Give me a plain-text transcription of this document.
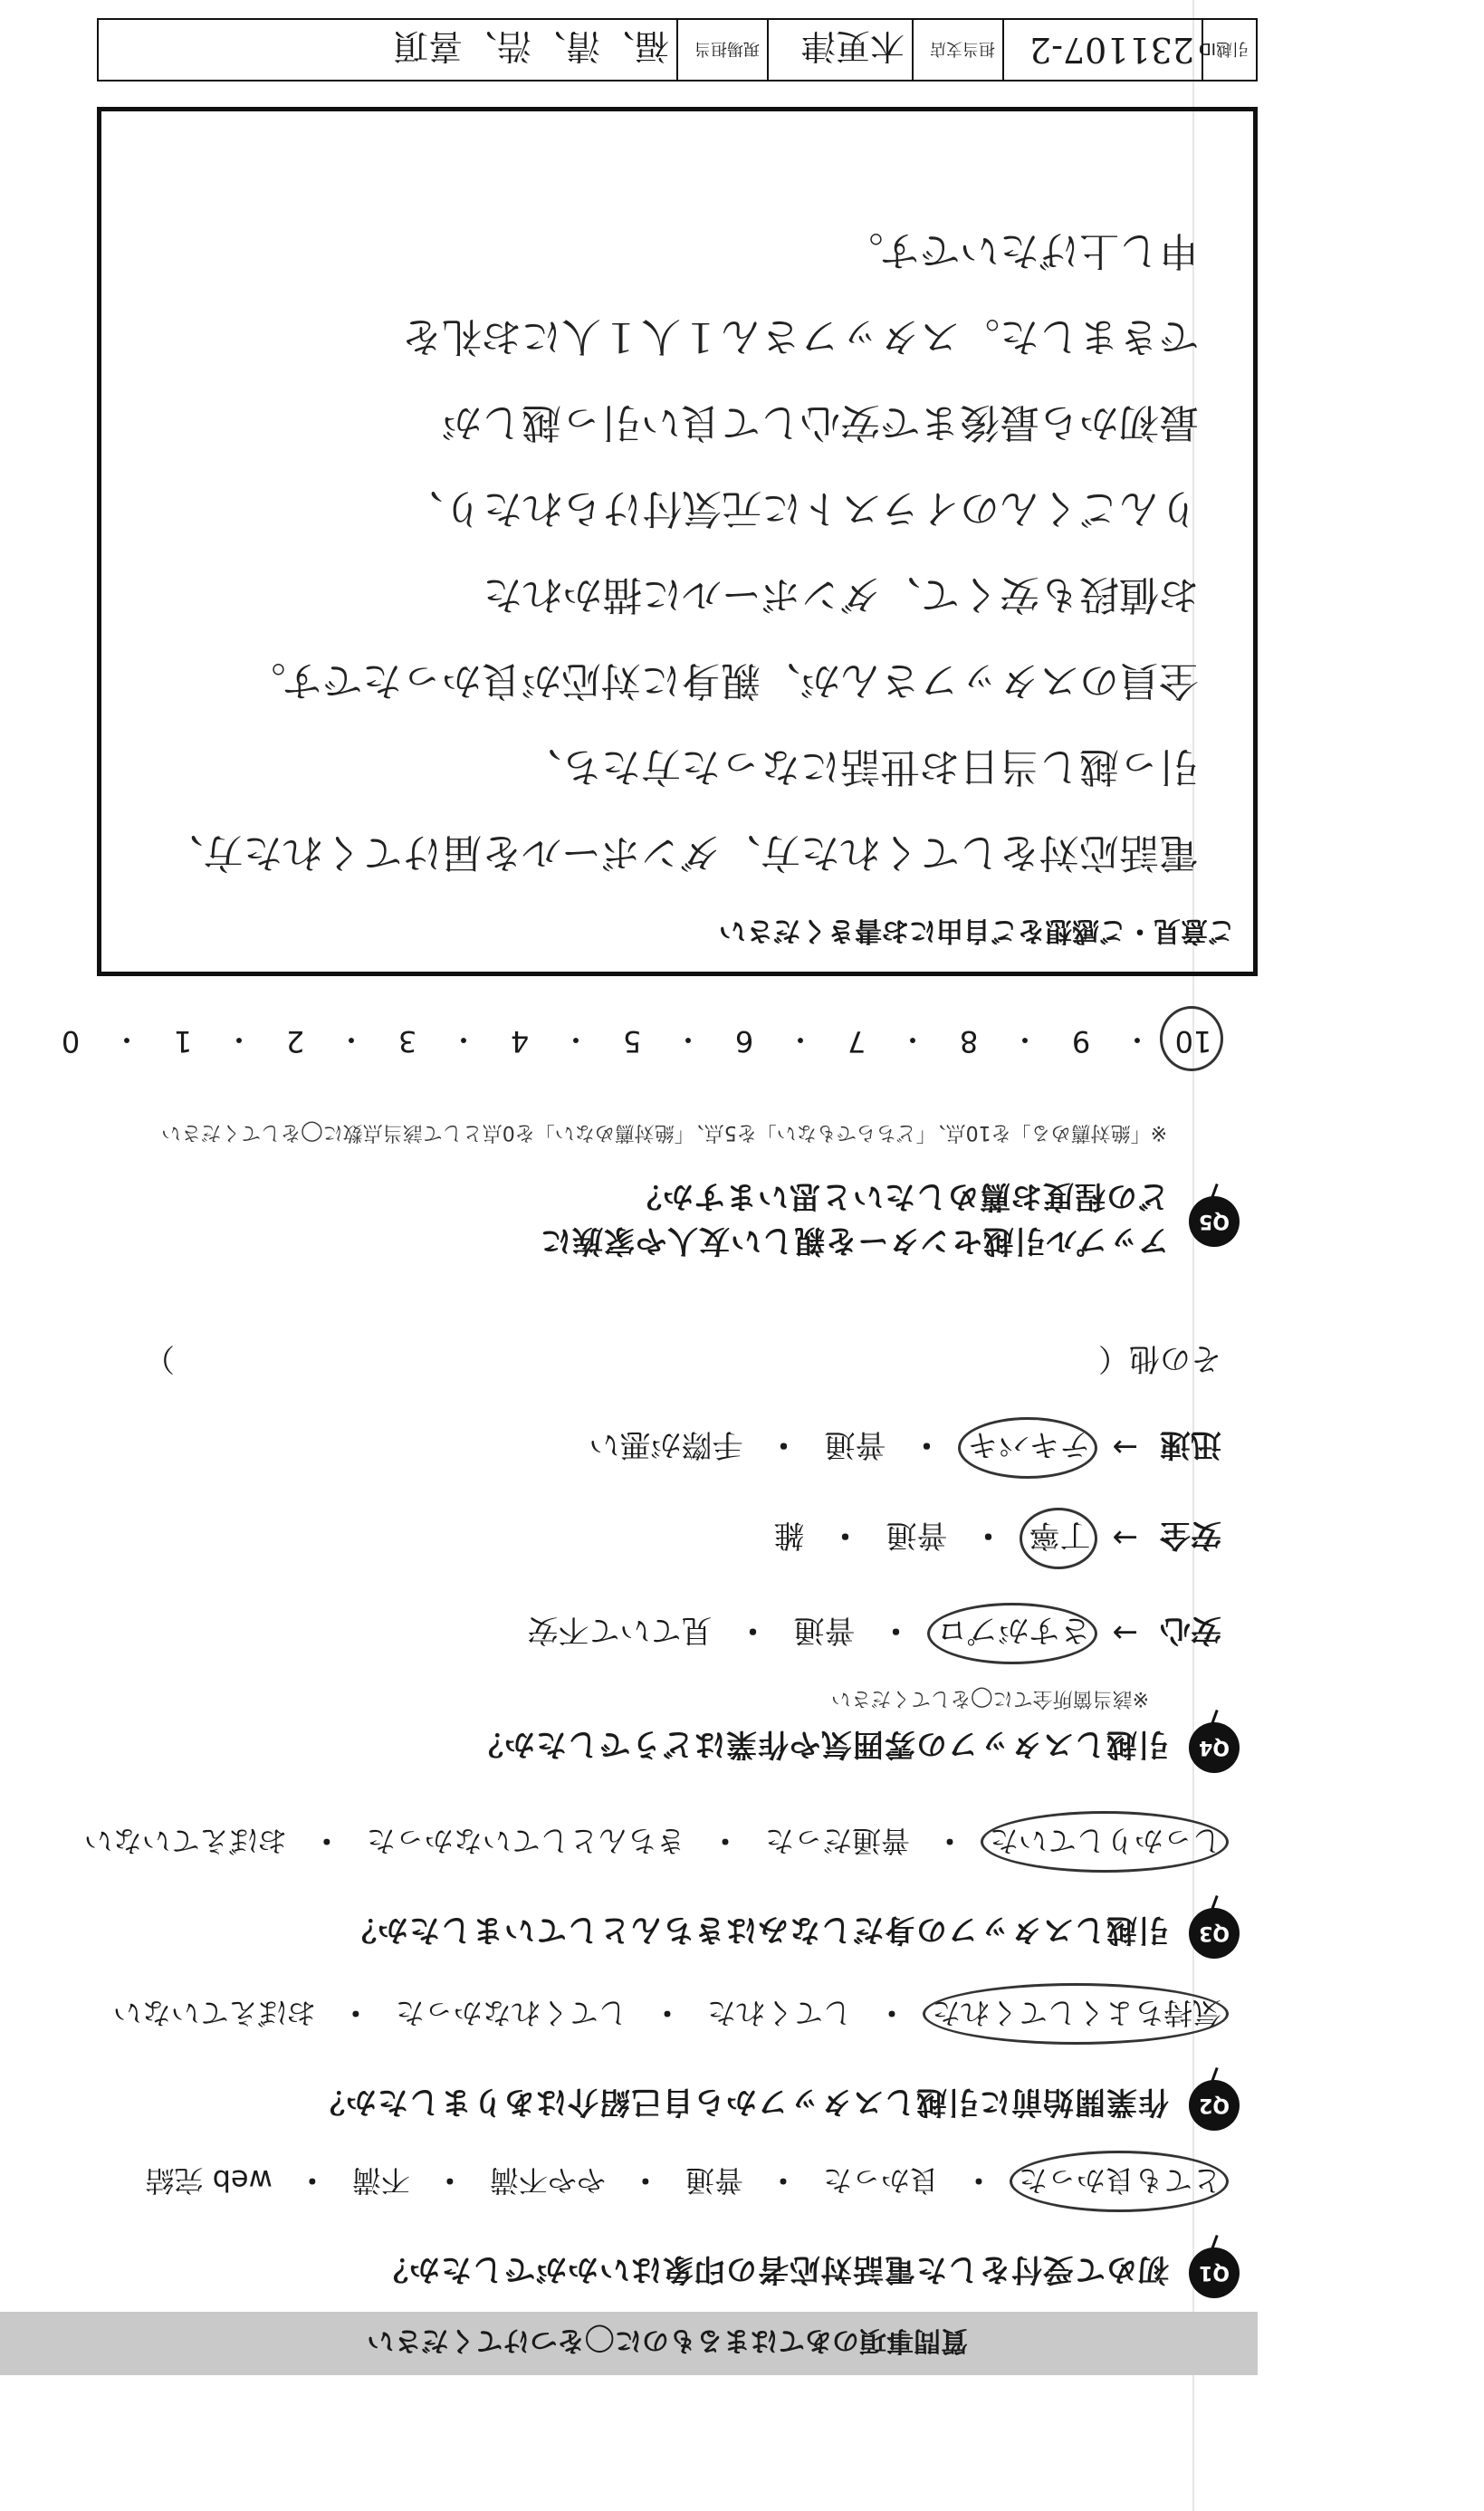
質問事項のあてはまるものに◯をつけてください
Q1
初めて受付をした電話対応者の印象はいかがでしたか？
とても良かった
・
良かった
・
普通
・
やや不満
・
不満
・
web 完結
Q2
作業開始前に引越しスタッフから自己紹介はありましたか？
気持ちよくしてくれた
・
してくれた
・
してくれなかった
・
おぼえていない
Q3
引越しスタッフの身だしなみはきちんとしていましたか？
しっかりしていた
・
普通だった
・
きちんとしていなかった
・
おぼえていない
Q4
引越しスタッフの雰囲気や作業はどうでしたか？
※該当箇所全てに◯をしてください
安心
→
さすがプロ
・
普通
・
見ていて不安
安全
→
丁寧
・
普通
・
雑
迅速
→
テキパキ
・
普通
・
手際が悪い
その他（
）
Q5
アップル引越センターを親しい友人や家族に
どの程度お薦めしたいと思いますか？
※「絶対薦める」を10点、「どちらでもない」を5点、「絶対薦めない」を0点として該当点数に◯をしてください
10
・
9
・
8
・
7
・
6
・
5
・
4
・
3
・
2
・
1
・
0
ご意見・ご感想をご自由にお書きください
電話応対をしてくれた方、ダンボールを届けてくれた方、
引っ越し当日お世話になった方たち、
全員のスタッフさんが、親身に対応が良かったです。
お値段も安くて、ダンボールに描かれた
りんごくんのイラストに元気付けられたり、
最初から最後まで安心して良い引っ越しが
できました。スタッフさん１人１人にお礼を
申し上げたいです。
引越ID
231107-2
担当支店
木更津
現場担当
福、清、浩、喜頂
